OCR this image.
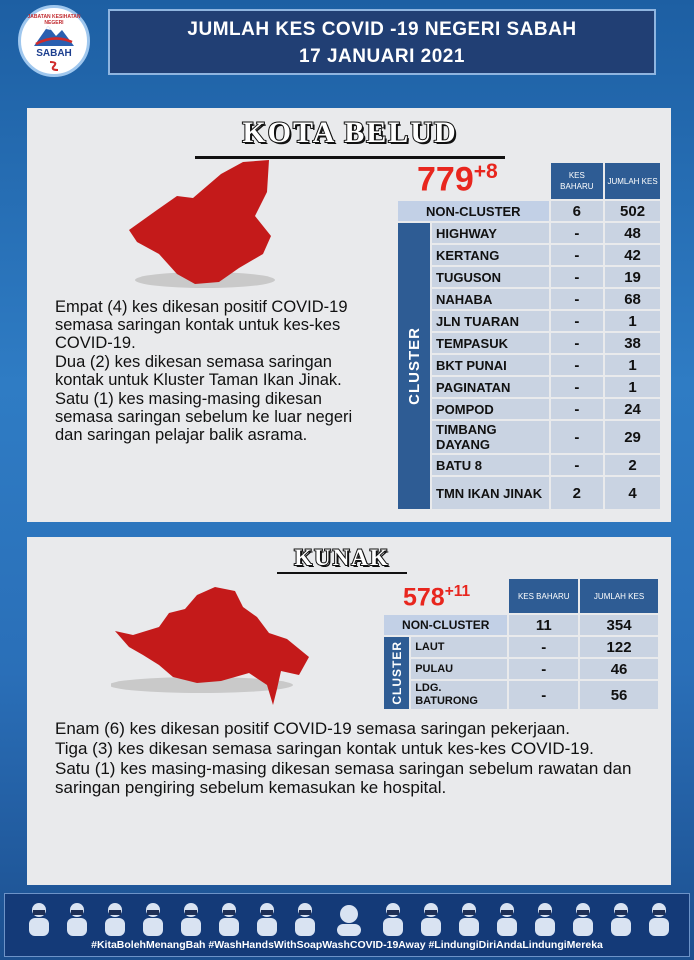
JABATAN KESIHATAN NEGERI
SABAH
JUMLAH KES COVID -19 NEGERI SABAH
17 JANUARI 2021
KOTA BELUD
$779^{+8}$

Empat (4) kes dikesan positif COVID-19 semasa saringan kontak untuk kes-kes COVID-19.

Dua (2) kes dikesan semasa saringan kontak untuk Kluster Taman Ikan Jinak.

Satu (1) kes masing-masing dikesan semasa saringan sebelum ke luar negeri dan saringan pelajar balik asrama.

		KES BAHARU	JUMLAH KES
NON-CLUSTER		6	502

CLUSTER	HIGHWAY	-	48
	KERTANG	-	42
	TUGUSON	-	19
	NAHABA	-	68
	JLN TUARAN	-	1
	TEMPASUK	-	38
	BKT PUNAI	-	1
	PAGINATAN	-	1
	POMPOD	-	24
	TIMBANG DAYANG	-	29
	BATU 8	-	2
	TMN IKAN JINAK	2	4
KUNAK
$578^{+11}$
		KES BAHARU	JUMLAH KES
NON-CLUSTER		11	354

CLUSTER	LAUT	-	122
	PULAU	-	46
	LDG. BATURONG	-	56

Enam (6) kes dikesan positif COVID-19 semasa saringan pekerjaan.

Tiga (3) kes dikesan semasa saringan kontak untuk kes-kes COVID-19.

Satu (1) kes masing-masing dikesan semasa saringan sebelum rawatan dan saringan pengiring sebelum kemasukan ke hospital.

#KitaBolehMenangBah #WashHandsWithSoapWashCOVID-19Away #LindungiDiriAndaLindungiMereka
